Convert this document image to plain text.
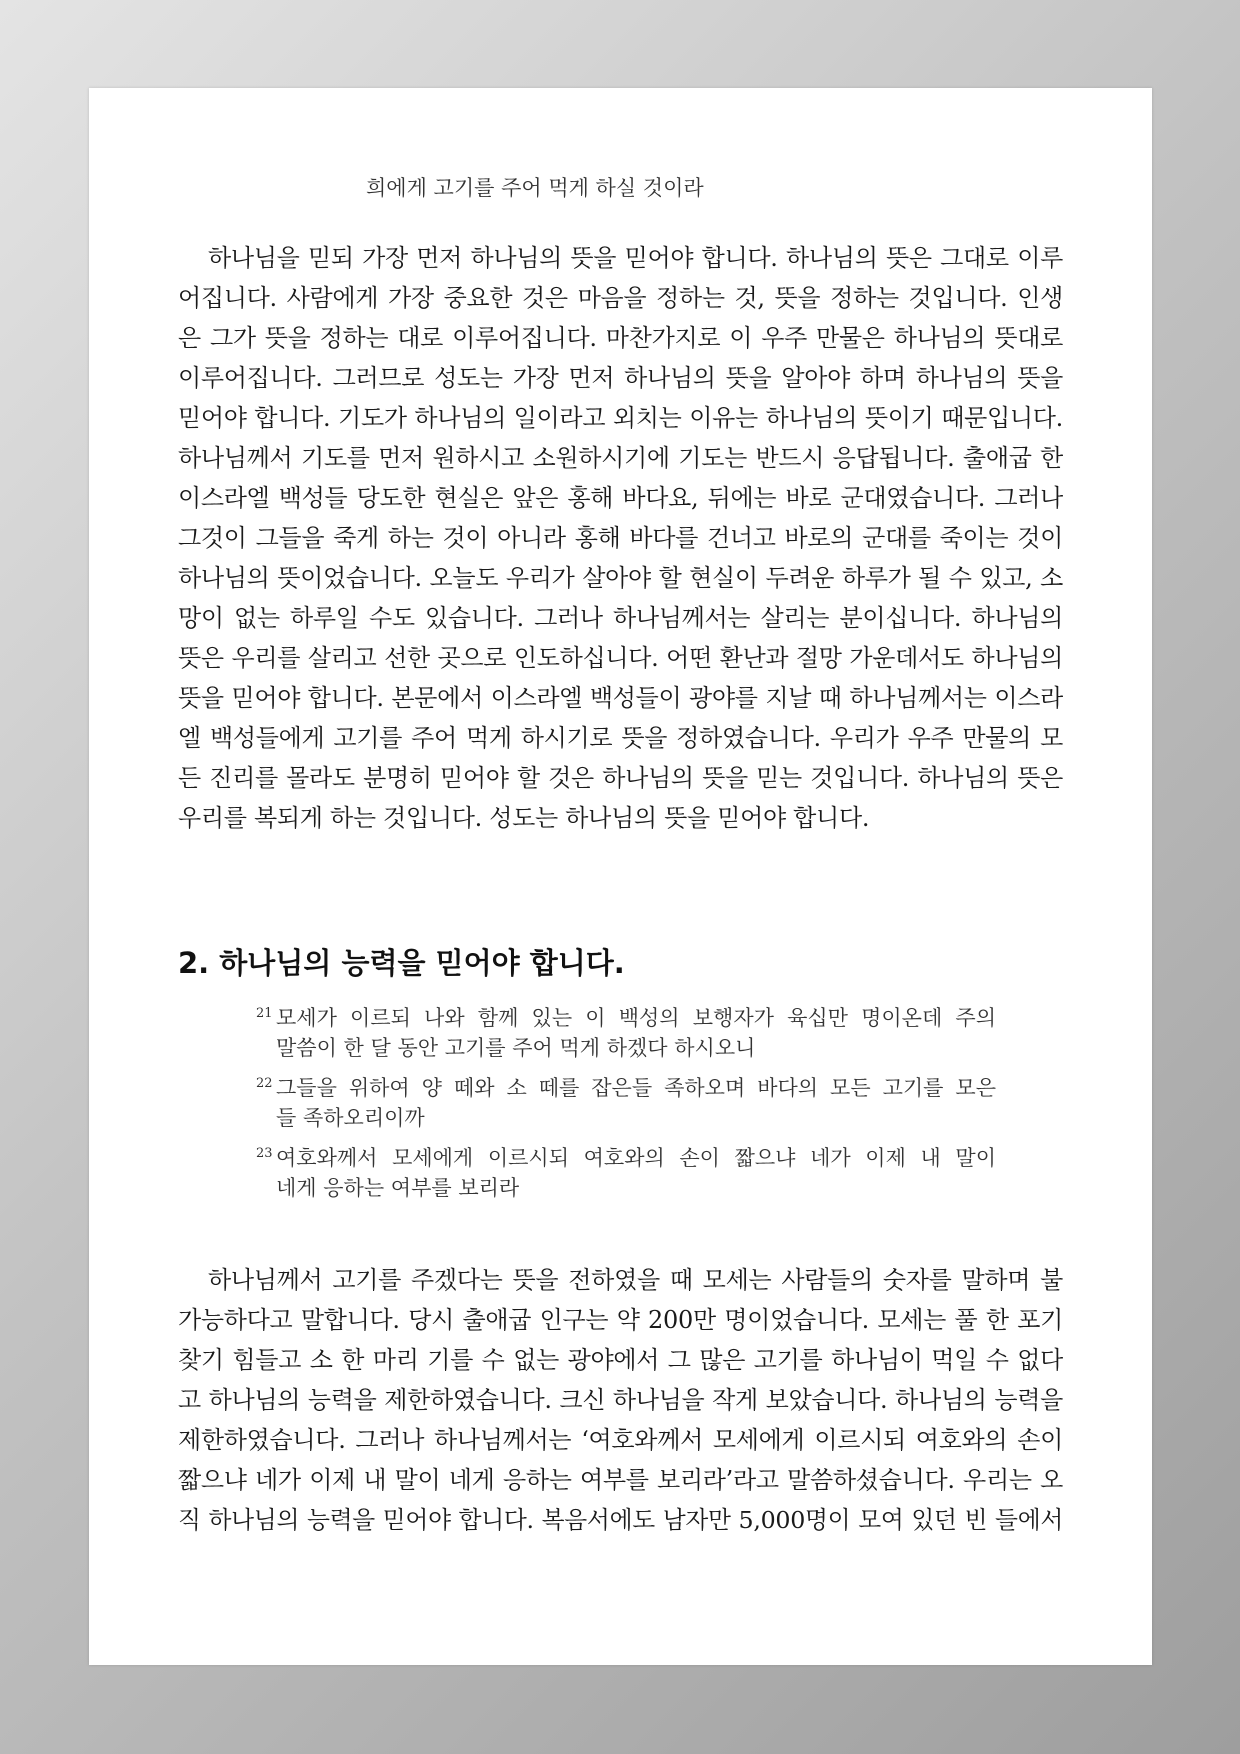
희에게 고기를 주어 먹게 하실 것이라
하나님을 믿되 가장 먼저 하나님의 뜻을 믿어야 합니다. 하나님의 뜻은 그대로 이루
어집니다. 사람에게 가장 중요한 것은 마음을 정하는 것, 뜻을 정하는 것입니다. 인생
은 그가 뜻을 정하는 대로 이루어집니다. 마찬가지로 이 우주 만물은 하나님의 뜻대로
이루어집니다. 그러므로 성도는 가장 먼저 하나님의 뜻을 알아야 하며 하나님의 뜻을
믿어야 합니다. 기도가 하나님의 일이라고 외치는 이유는 하나님의 뜻이기 때문입니다.
하나님께서 기도를 먼저 원하시고 소원하시기에 기도는 반드시 응답됩니다. 출애굽 한
이스라엘 백성들 당도한 현실은 앞은 홍해 바다요, 뒤에는 바로 군대였습니다. 그러나
그것이 그들을 죽게 하는 것이 아니라 홍해 바다를 건너고 바로의 군대를 죽이는 것이
하나님의 뜻이었습니다. 오늘도 우리가 살아야 할 현실이 두려운 하루가 될 수 있고, 소
망이 없는 하루일 수도 있습니다. 그러나 하나님께서는 살리는 분이십니다. 하나님의
뜻은 우리를 살리고 선한 곳으로 인도하십니다. 어떤 환난과 절망 가운데서도 하나님의
뜻을 믿어야 합니다. 본문에서 이스라엘 백성들이 광야를 지날 때 하나님께서는 이스라
엘 백성들에게 고기를 주어 먹게 하시기로 뜻을 정하였습니다. 우리가 우주 만물의 모
든 진리를 몰라도 분명히 믿어야 할 것은 하나님의 뜻을 믿는 것입니다. 하나님의 뜻은
우리를 복되게 하는 것입니다. 성도는 하나님의 뜻을 믿어야 합니다.
2. 하나님의 능력을 믿어야 합니다.
21 모세가 이르되 나와 함께 있는 이 백성의 보행자가 육십만 명이온데 주의
말씀이 한 달 동안 고기를 주어 먹게 하겠다 하시오니
22 그들을 위하여 양 떼와 소 떼를 잡은들 족하오며 바다의 모든 고기를 모은
들 족하오리이까
23 여호와께서 모세에게 이르시되 여호와의 손이 짧으냐 네가 이제 내 말이
네게 응하는 여부를 보리라
하나님께서 고기를 주겠다는 뜻을 전하였을 때 모세는 사람들의 숫자를 말하며 불
가능하다고 말합니다. 당시 출애굽 인구는 약 200만 명이었습니다. 모세는 풀 한 포기
찾기 힘들고 소 한 마리 기를 수 없는 광야에서 그 많은 고기를 하나님이 먹일 수 없다
고 하나님의 능력을 제한하였습니다. 크신 하나님을 작게 보았습니다. 하나님의 능력을
제한하였습니다. 그러나 하나님께서는 ‘여호와께서 모세에게 이르시되 여호와의 손이
짧으냐 네가 이제 내 말이 네게 응하는 여부를 보리라’라고 말씀하셨습니다. 우리는 오
직 하나님의 능력을 믿어야 합니다. 복음서에도 남자만 5,000명이 모여 있던 빈 들에서
